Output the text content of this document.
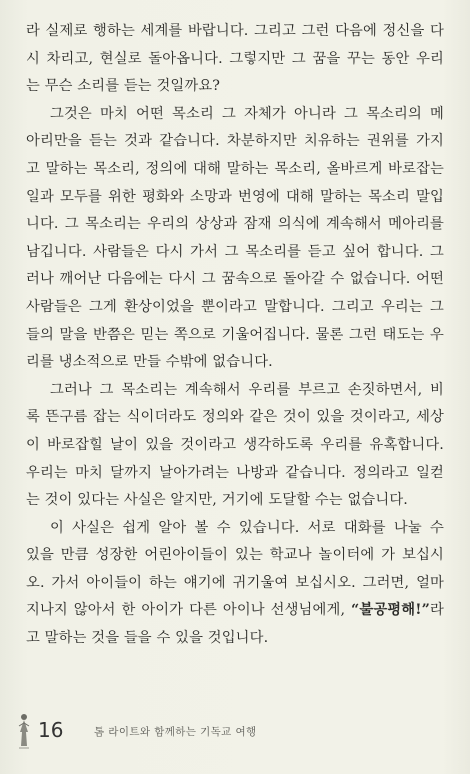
라 실제로 행하는 세계를 바랍니다. 그리고 그런 다음에 정신을 다
시 차리고, 현실로 돌아옵니다. 그렇지만 그 꿈을 꾸는 동안 우리
는 무슨 소리를 듣는 것일까요?

그것은 마치 어떤 목소리 그 자체가 아니라 그 목소리의 메
아리만을 듣는 것과 같습니다. 차분하지만 치유하는 권위를 가지
고 말하는 목소리, 정의에 대해 말하는 목소리, 올바르게 바로잡는
일과 모두를 위한 평화와 소망과 번영에 대해 말하는 목소리 말입
니다. 그 목소리는 우리의 상상과 잠재 의식에 계속해서 메아리를
남깁니다. 사람들은 다시 가서 그 목소리를 듣고 싶어 합니다. 그
러나 깨어난 다음에는 다시 그 꿈속으로 돌아갈 수 없습니다. 어떤
사람들은 그게 환상이었을 뿐이라고 말합니다. 그리고 우리는 그
들의 말을 반쯤은 믿는 쪽으로 기울어집니다. 물론 그런 태도는 우
리를 냉소적으로 만들 수밖에 없습니다.

그러나 그 목소리는 계속해서 우리를 부르고 손짓하면서, 비
록 뜬구름 잡는 식이더라도 정의와 같은 것이 있을 것이라고, 세상
이 바로잡힐 날이 있을 것이라고 생각하도록 우리를 유혹합니다.
우리는 마치 달까지 날아가려는 나방과 같습니다. 정의라고 일컫
는 것이 있다는 사실은 알지만, 거기에 도달할 수는 없습니다.

이 사실은 쉽게 알아 볼 수 있습니다. 서로 대화를 나눌 수
있을 만큼 성장한 어린아이들이 있는 학교나 놀이터에 가 보십시
오. 가서 아이들이 하는 얘기에 귀기울여 보십시오. 그러면, 얼마
지나지 않아서 한 아이가 다른 아이나 선생님에게, “불공평해!”라
고 말하는 것을 들을 수 있을 것입니다.

16	톰 라이트와 함께하는 기독교 여행
